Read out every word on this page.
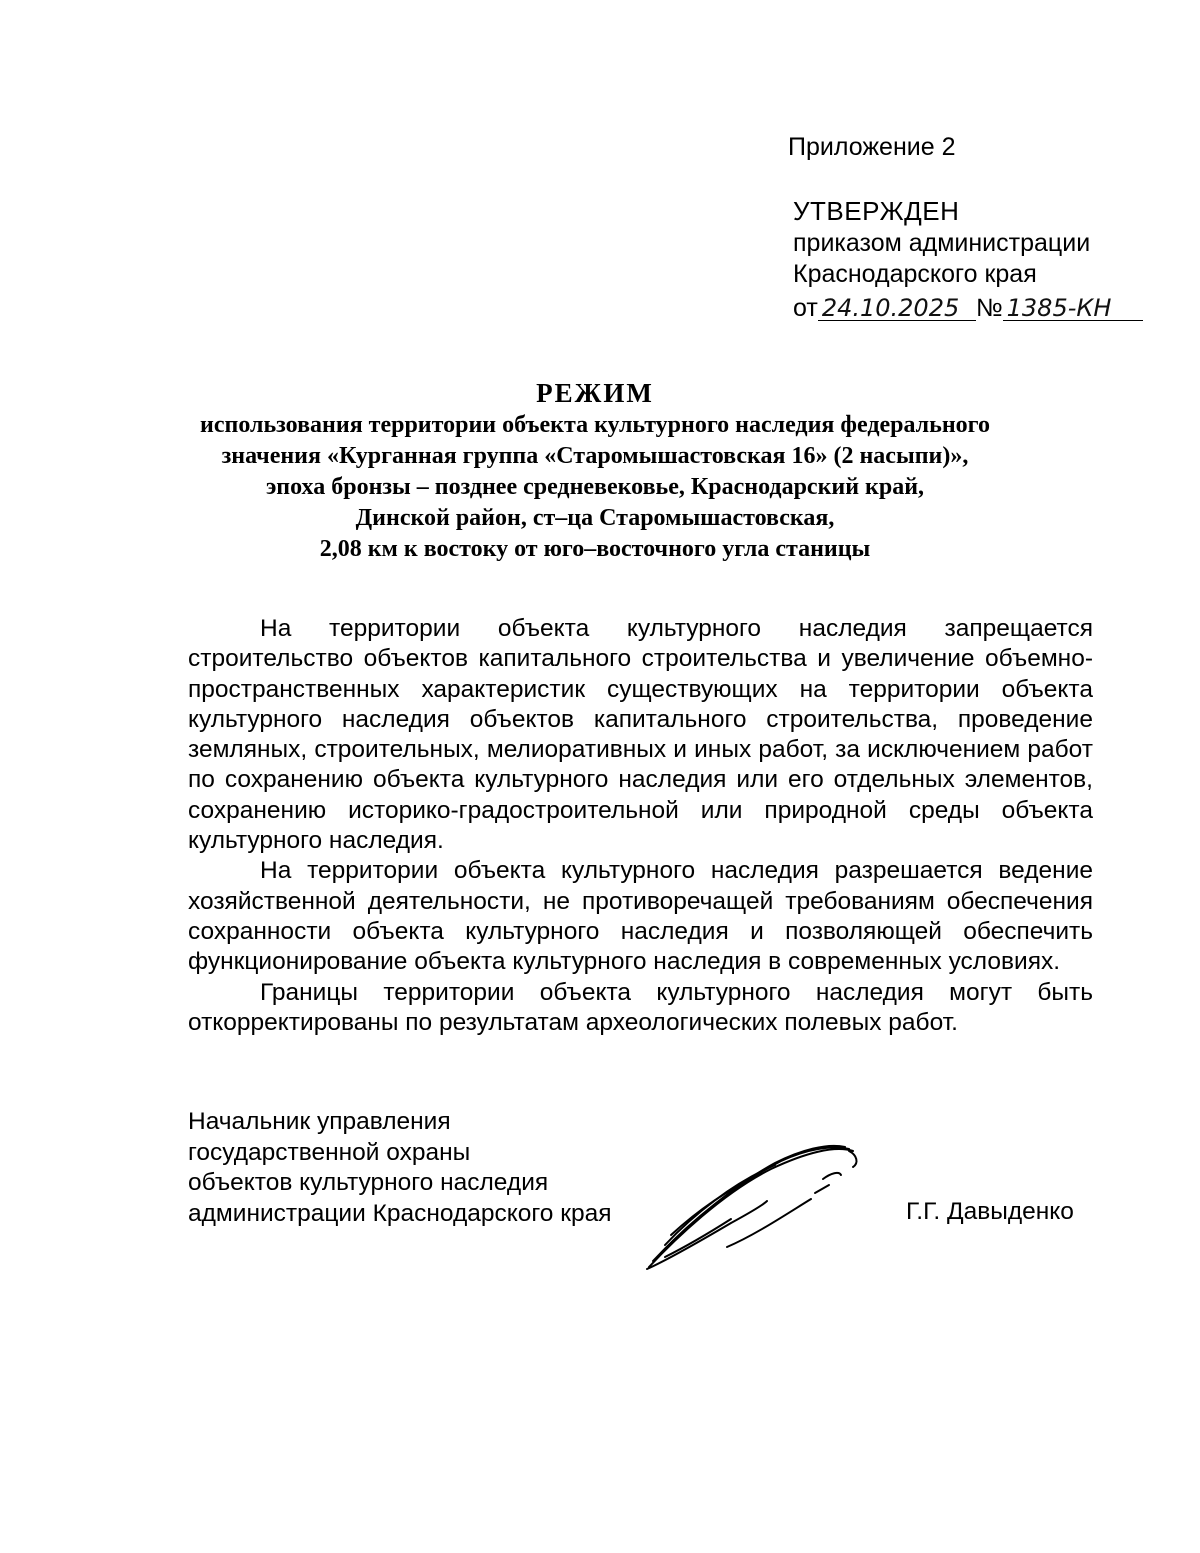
Приложение 2
УТВЕРЖДЕН
приказом администрации
Краснодарского края
от 24.10.2025 № 1385-КН
РЕЖИМ
использования территории объекта культурного наследия федерального
значения «Курганная группа «Старомышастовская 16» (2 насыпи)»,
эпоха бронзы – позднее средневековье, Краснодарский край,
Динской район, ст–ца Старомышастовская,
2,08 км к востоку от юго–восточного угла станицы

На территории объекта культурного наследия запрещается строительство объектов капитального строительства и увеличение объемно-пространственных характеристик существующих на территории объекта культурного наследия объектов капитального строительства, проведение земляных, строительных, мелиоративных и иных работ, за исключением работ по сохранению объекта культурного наследия или его отдельных элементов, сохранению историко-градостроительной или природной среды объекта культурного наследия.

На территории объекта культурного наследия разрешается ведение хозяйственной деятельности, не противоречащей требованиям обеспечения сохранности объекта культурного наследия и позволяющей обеспечить функционирование объекта культурного наследия в современных условиях.

Границы территории объекта культурного наследия могут быть откорректированы по результатам археологических полевых работ.

Начальник управления
государственной охраны
объектов культурного наследия
администрации Краснодарского края	Г.Г. Давыденко
